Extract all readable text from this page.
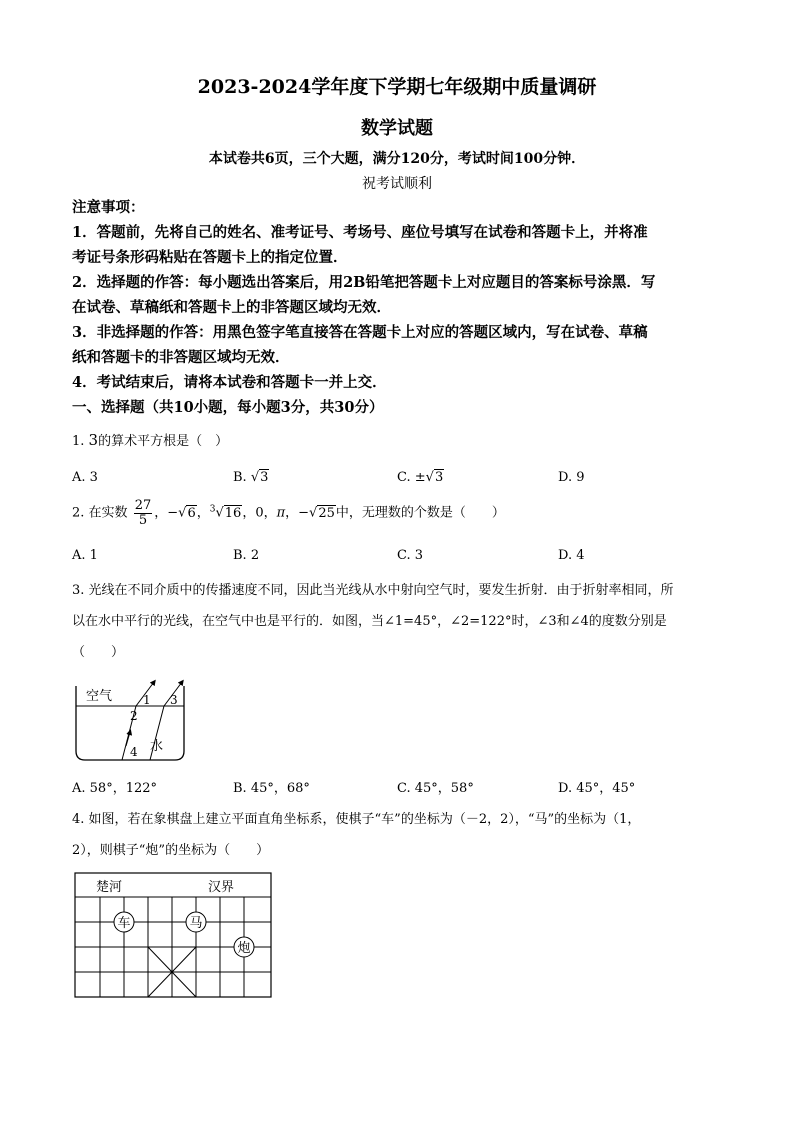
2023-2024学年度下学期七年级期中质量调研
数学试题
本试卷共6页，三个大题，满分120分，考试时间100分钟．
祝考试顺利
注意事项：
1．答题前，先将自己的姓名、准考证号、考场号、座位号填写在试卷和答题卡上，并将准
考证号条形码粘贴在答题卡上的指定位置．
2．选择题的作答：每小题选出答案后，用2B铅笔把答题卡上对应题目的答案标号涂黑．写
在试卷、草稿纸和答题卡上的非答题区域均无效．
3．非选择题的作答：用黑色签字笔直接答在答题卡上对应的答题区域内，写在试卷、草稿
纸和答题卡的非答题区域均无效．
4．考试结束后，请将本试卷和答题卡一并上交．
一、选择题（共10小题，每小题3分，共30分）
1. 3的算术平方根是（　）
A. 3	B. √3	C. ±√3	D. 9
2. 在实数 $\frac{27}{5}$ ，−√6，$^3$√16，0，π，−√25中，无理数的个数是（　　）
A. 1	B. 2	C. 3	D. 4
3. 光线在不同介质中的传播速度不同，因此当光线从水中射向空气时，要发生折射．由于折射率相同，所
以在水中平行的光线，在空气中也是平行的．如图，当∠1=45°，∠2=122°时，∠3和∠4的度数分别是
（　　）
空气
水
1
2
3
4
A. 58°，122°	B. 45°，68°	C. 45°，58°	D. 45°，45°
4. 如图，若在象棋盘上建立平面直角坐标系，使棋子“车”的坐标为（－2，2），“马”的坐标为（1，
2），则棋子“炮”的坐标为（　　）
楚河	汉界
车	马
炮
